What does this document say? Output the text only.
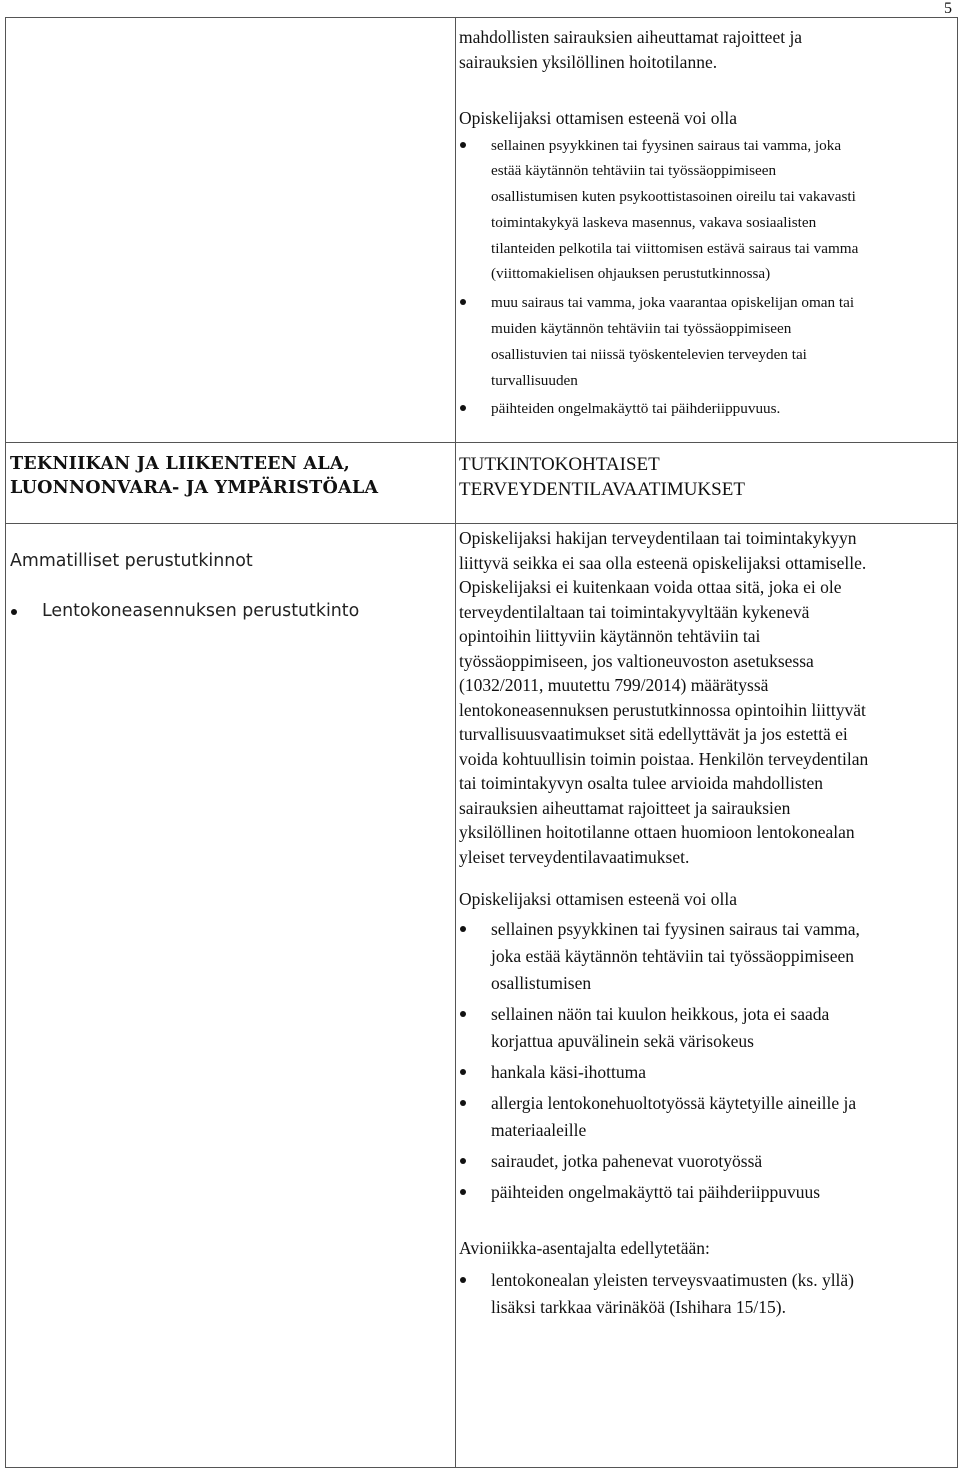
5

mahdollisten sairauksien aiheuttamat rajoitteet ja

sairauksien yksilöllinen hoitotilanne.

Opiskelijaksi ottamisen esteenä voi olla

sellainen psyykkinen tai fyysinen sairaus tai vamma, joka
estää käytännön tehtäviin tai työssäoppimiseen
osallistumisen kuten psykoottistasoinen oireilu tai vakavasti
toimintakykyä laskeva masennus, vakava sosiaalisten
tilanteiden pelkotila tai viittomisen estävä sairaus tai vamma
(viittomakielisen ohjauksen perustutkinnossa)
muu sairaus tai vamma, joka vaarantaa opiskelijan oman tai
muiden käytännön tehtäviin tai työssäoppimiseen
osallistuvien tai niissä työskentelevien terveyden tai
turvallisuuden
päihteiden ongelmakäyttö tai päihderiippuvuus.
TEKNIIKAN JA LIIKENTEEN ALA,
LUONNONVARA- JA YMPÄRISTÖALA
Ammatilliset perustutkinnot
Lentokoneasennuksen perustutkinto

TUTKINTOKOHTAISET

TERVEYDENTILAVAATIMUKSET

Opiskelijaksi hakijan terveydentilaan tai toimintakykyyn

liittyvä seikka ei saa olla esteenä opiskelijaksi ottamiselle.

Opiskelijaksi ei kuitenkaan voida ottaa sitä, joka ei ole

terveydentilaltaan tai toimintakyvyltään kykenevä

opintoihin liittyviin käytännön tehtäviin tai

työssäoppimiseen, jos valtioneuvoston asetuksessa

(1032/2011, muutettu 799/2014) määrätyssä

lentokoneasennuksen perustutkinnossa opintoihin liittyvät

turvallisuusvaatimukset sitä edellyttävät ja jos estettä ei

voida kohtuullisin toimin poistaa. Henkilön terveydentilan

tai toimintakyvyn osalta tulee arvioida mahdollisten

sairauksien aiheuttamat rajoitteet ja sairauksien

yksilöllinen hoitotilanne ottaen huomioon lentokonealan

yleiset terveydentilavaatimukset.

Opiskelijaksi ottamisen esteenä voi olla

sellainen psyykkinen tai fyysinen sairaus tai vamma,

joka estää käytännön tehtäviin tai työssäoppimiseen

osallistumisen

sellainen näön tai kuulon heikkous, jota ei saada

korjattua apuvälinein sekä värisokeus

hankala käsi-ihottuma

allergia lentokonehuoltotyössä käytetyille aineille ja

materiaaleille

sairaudet, jotka pahenevat vuorotyössä

päihteiden ongelmakäyttö tai päihderiippuvuus

Avioniikka-asentajalta edellytetään:

lentokonealan yleisten terveysvaatimusten (ks. yllä)

lisäksi tarkkaa värinäköä (Ishihara 15/15).
